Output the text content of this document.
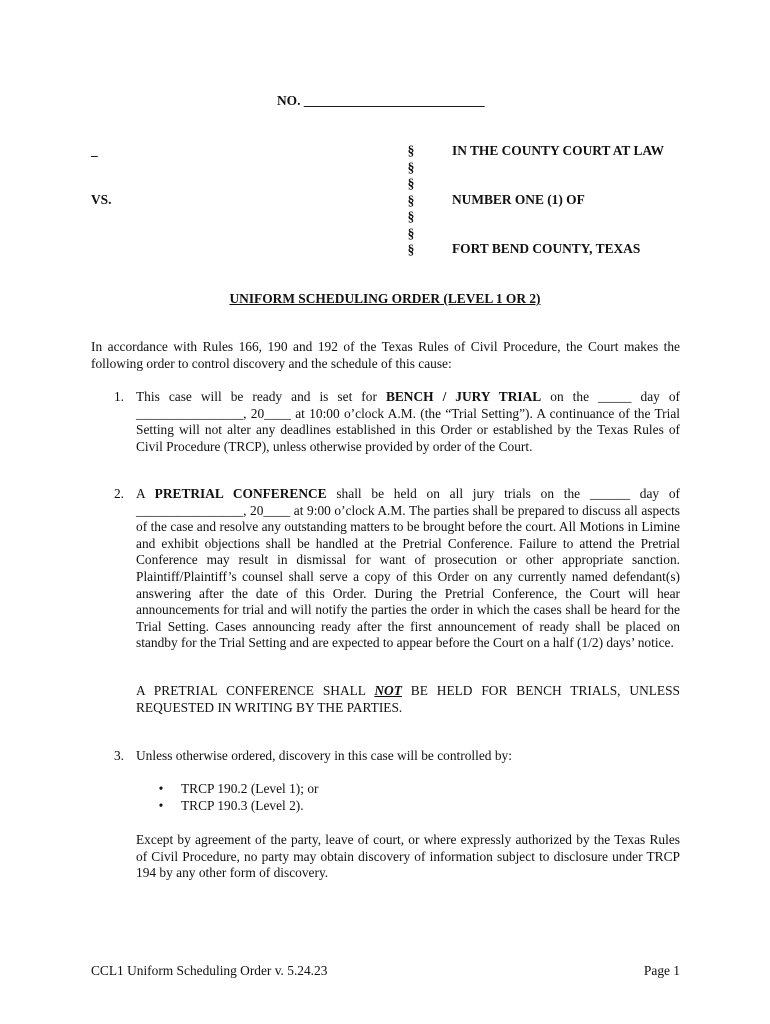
NO. ___________________________
_
VS.
§
§
§
§
§
§
§
IN THE COUNTY COURT AT LAW
NUMBER ONE (1) OF
FORT BEND COUNTY, TEXAS
UNIFORM SCHEDULING ORDER (LEVEL 1 OR 2)
In accordance with Rules 166, 190 and 192 of the Texas Rules of Civil Procedure, the Court makes the following order to control discovery and the schedule of this cause:
1. This case will be ready and is set for BENCH / JURY TRIAL on the _____ day of ________________, 20____ at 10:00 o’clock A.M. (the “Trial Setting”). A continuance of the Trial Setting will not alter any deadlines established in this Order or established by the Texas Rules of Civil Procedure (TRCP), unless otherwise provided by order of the Court.
2. A PRETRIAL CONFERENCE shall be held on all jury trials on the ______ day of ________________, 20____ at 9:00 o’clock A.M. The parties shall be prepared to discuss all aspects of the case and resolve any outstanding matters to be brought before the court. All Motions in Limine and exhibit objections shall be handled at the Pretrial Conference. Failure to attend the Pretrial Conference may result in dismissal for want of prosecution or other appropriate sanction. Plaintiff/Plaintiff’s counsel shall serve a copy of this Order on any currently named defendant(s) answering after the date of this Order. During the Pretrial Conference, the Court will hear announcements for trial and will notify the parties the order in which the cases shall be heard for the Trial Setting. Cases announcing ready after the first announcement of ready shall be placed on standby for the Trial Setting and are expected to appear before the Court on a half (1/2) days’ notice.
A PRETRIAL CONFERENCE SHALL NOT BE HELD FOR BENCH TRIALS, UNLESS REQUESTED IN WRITING BY THE PARTIES.
3. Unless otherwise ordered, discovery in this case will be controlled by:
• TRCP 190.2 (Level 1); or
• TRCP 190.3 (Level 2).
Except by agreement of the party, leave of court, or where expressly authorized by the Texas Rules of Civil Procedure, no party may obtain discovery of information subject to disclosure under TRCP 194 by any other form of discovery.
CCL1 Uniform Scheduling Order v. 5.24.23	Page 1
